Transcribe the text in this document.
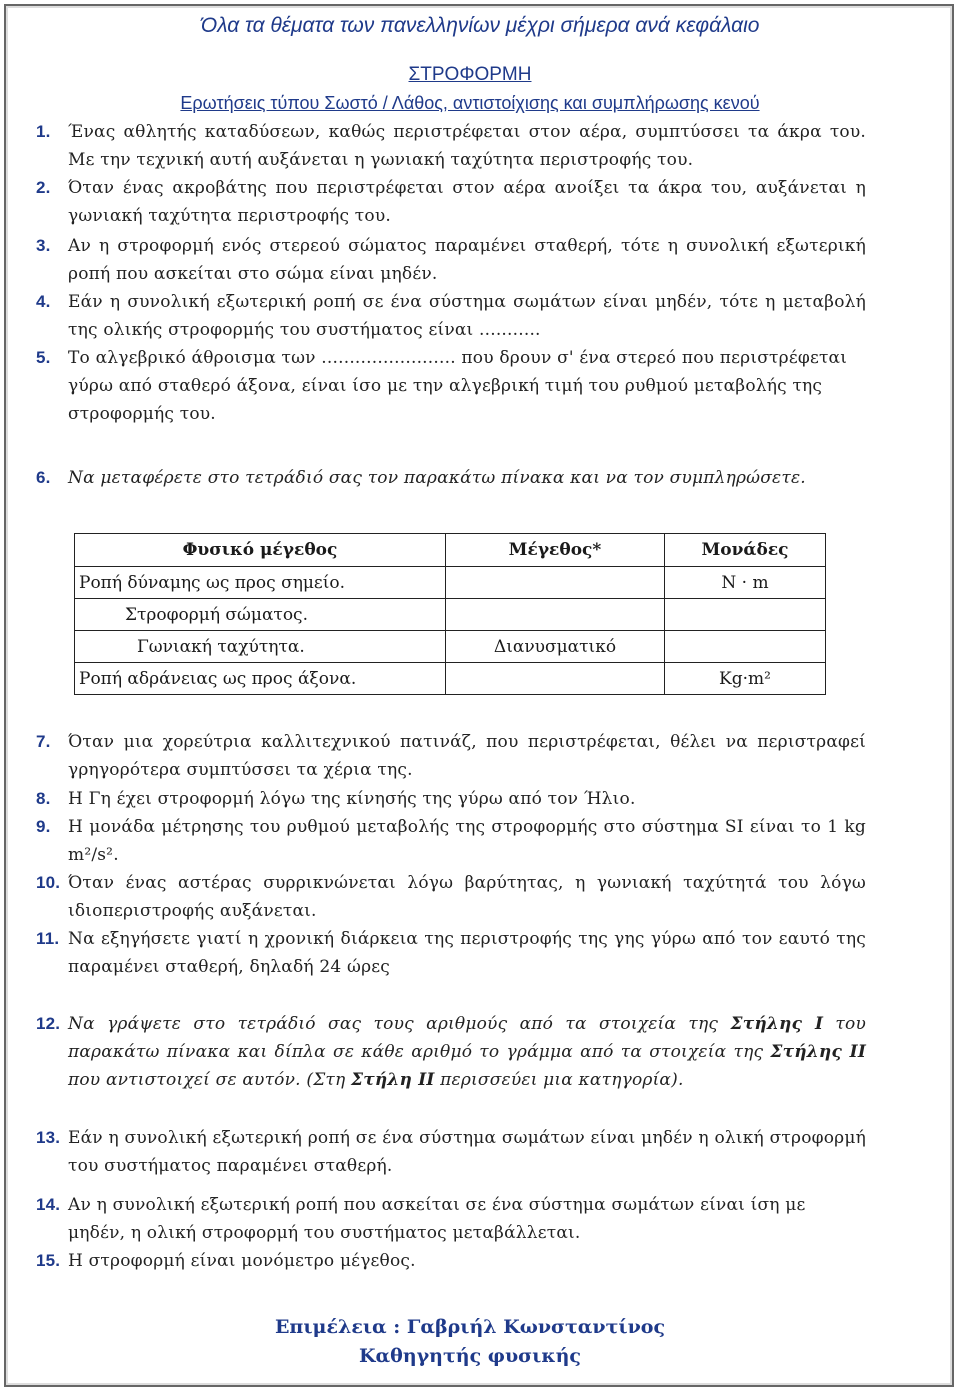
Όλα τα θέματα των πανελληνίων μέχρι σήμερα ανά κεφάλαιο
ΣΤΡΟΦΟΡΜΗ
Ερωτήσεις τύπου Σωστό / Λάθος, αντιστοίχισης και συμπλήρωσης κενού
1.	Ένας αθλητής καταδύσεων, καθώς περιστρέφεται στον αέρα, συμπτύσσει τα άκρα του. Με την τεχνική αυτή αυξάνεται η γωνιακή ταχύτητα περιστροφής του.
2.	Όταν ένας ακροβάτης που περιστρέφεται στον αέρα ανοίξει τα άκρα του, αυξάνεται η γωνιακή ταχύτητα περιστροφής του.
3.	Αν η στροφορμή ενός στερεού σώματος παραμένει σταθερή, τότε η συνολική εξωτερική ροπή που ασκείται στο σώμα είναι μηδέν.
4.	Εάν η συνολική εξωτερική ροπή σε ένα σύστημα σωμάτων είναι μηδέν, τότε η μεταβολή της ολικής στροφορμής του συστήματος είναι ...........
5.	Το αλγεβρικό άθροισμα των ........................ που δρουν σ' ένα στερεό που περιστρέφεται γύρω από σταθερό άξονα, είναι ίσο με την αλγεβρική τιμή του ρυθμού μεταβολής της στροφορμής του.
6.	Να μεταφέρετε στο τετράδιό σας τον παρακάτω πίνακα και να τον συμπληρώσετε.
Φυσικό μέγεθος	Μέγεθος*	Μονάδες
Ροπή δύναμης ως προς σημείο.		N · m
Στροφορμή σώματος.		
Γωνιακή ταχύτητα.	Διανυσματικό	
Ροπή αδράνειας ως προς άξονα.		Kg·m²
7.	Όταν μια χορεύτρια καλλιτεχνικού πατινάζ, που περιστρέφεται, θέλει να περιστραφεί γρηγορότερα συμπτύσσει τα χέρια της.
8.	Η Γη έχει στροφορμή λόγω της κίνησής της γύρω από τον Ήλιο.
9.	Η μονάδα μέτρησης του ρυθμού μεταβολής της στροφορμής στο σύστημα SI είναι το 1 kg m²/s².
10. Όταν ένας αστέρας συρρικνώνεται λόγω βαρύτητας, η γωνιακή ταχύτητά του λόγω ιδιοπεριστροφής αυξάνεται.
11. Να εξηγήσετε γιατί η χρονική διάρκεια της περιστροφής της γης γύρω από τον εαυτό της παραμένει σταθερή, δηλαδή 24 ώρες
12. Να γράψετε στο τετράδιό σας τους αριθμούς από τα στοιχεία της Στήλης Ι του παρακάτω πίνακα και δίπλα σε κάθε αριθμό το γράμμα από τα στοιχεία της Στήλης ΙΙ που αντιστοιχεί σε αυτόν. (Στη Στήλη ΙΙ περισσεύει μια κατηγορία).
13. Εάν η συνολική εξωτερική ροπή σε ένα σύστημα σωμάτων είναι μηδέν η ολική στροφορμή του συστήματος παραμένει σταθερή.
14. Αν η συνολική εξωτερική ροπή που ασκείται σε ένα σύστημα σωμάτων είναι ίση με μηδέν, η ολική στροφορμή του συστήματος μεταβάλλεται.
15. Η στροφορμή είναι μονόμετρο μέγεθος.
Επιμέλεια : Γαβριήλ Κωνσταντίνος
Καθηγητής φυσικής
